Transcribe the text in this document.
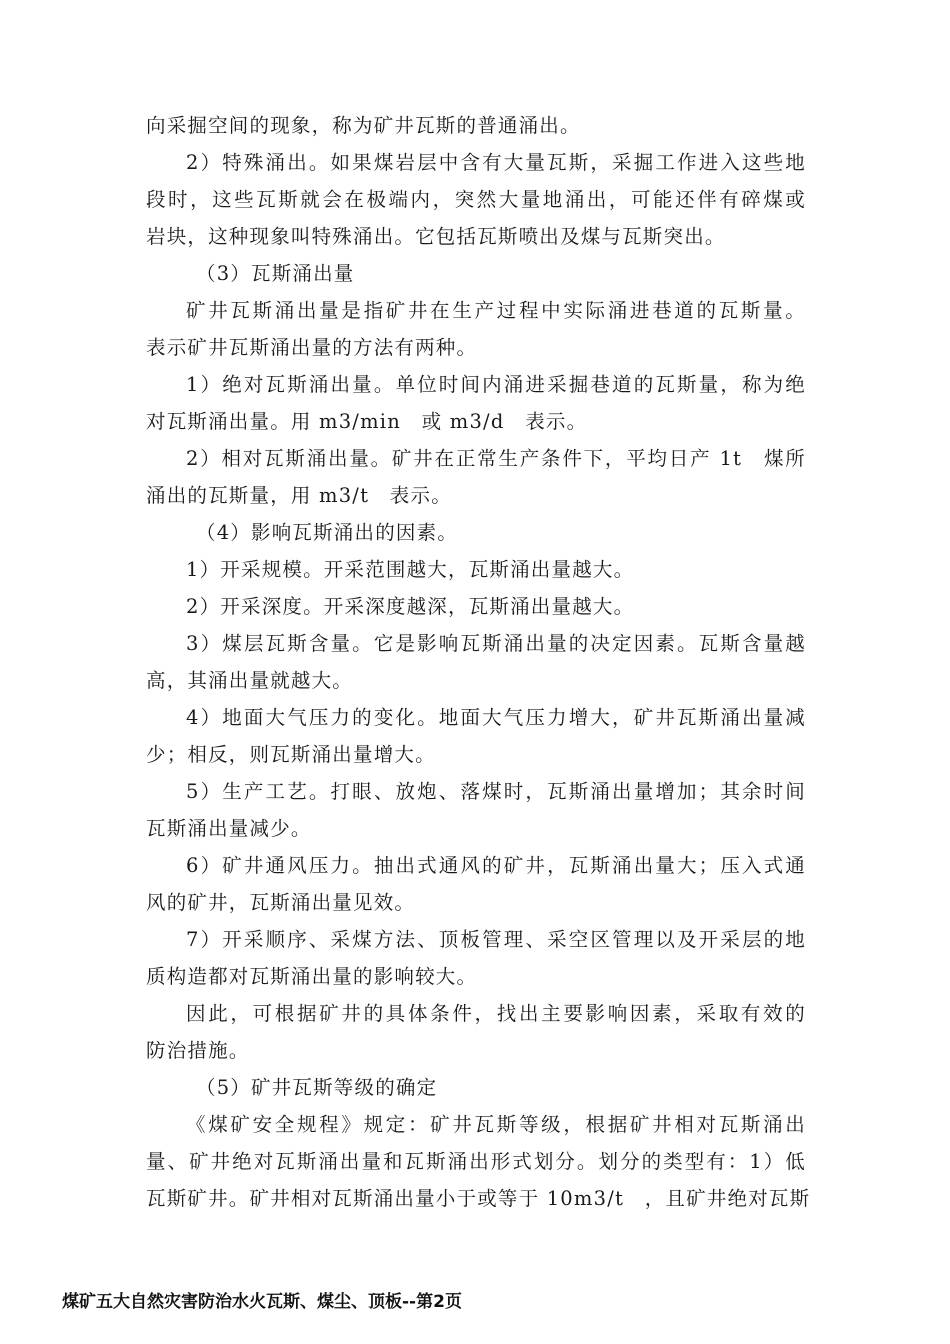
向采掘空间的现象，称为矿井瓦斯的普通涌出。
2）特殊涌出。如果煤岩层中含有大量瓦斯，采掘工作进入这些地
段时，这些瓦斯就会在极端内，突然大量地涌出，可能还伴有碎煤或
岩块，这种现象叫特殊涌出。它包括瓦斯喷出及煤与瓦斯突出。
（3）瓦斯涌出量
矿井瓦斯涌出量是指矿井在生产过程中实际涌进巷道的瓦斯量。
表示矿井瓦斯涌出量的方法有两种。
1）绝对瓦斯涌出量。单位时间内涌进采掘巷道的瓦斯量，称为绝
对瓦斯涌出量。用 m3/min　或 m3/d　表示。
2）相对瓦斯涌出量。矿井在正常生产条件下，平均日产 1t　煤所
涌出的瓦斯量，用 m3/t　表示。
（4）影响瓦斯涌出的因素。
1）开采规模。开采范围越大，瓦斯涌出量越大。
2）开采深度。开采深度越深，瓦斯涌出量越大。
3）煤层瓦斯含量。它是影响瓦斯涌出量的决定因素。瓦斯含量越
高，其涌出量就越大。
4）地面大气压力的变化。地面大气压力增大，矿井瓦斯涌出量减
少；相反，则瓦斯涌出量增大。
5）生产工艺。打眼、放炮、落煤时，瓦斯涌出量增加；其余时间
瓦斯涌出量减少。
6）矿井通风压力。抽出式通风的矿井，瓦斯涌出量大；压入式通
风的矿井，瓦斯涌出量见效。
7）开采顺序、采煤方法、顶板管理、采空区管理以及开采层的地
质构造都对瓦斯涌出量的影响较大。
因此，可根据矿井的具体条件，找出主要影响因素，采取有效的
防治措施。
（5）矿井瓦斯等级的确定
《煤矿安全规程》规定：矿井瓦斯等级，根据矿井相对瓦斯涌出
量、矿井绝对瓦斯涌出量和瓦斯涌出形式划分。划分的类型有：1）低
瓦斯矿井。矿井相对瓦斯涌出量小于或等于 10m3/t　，且矿井绝对瓦斯
煤矿五大自然灾害防治水火瓦斯、煤尘、顶板--第2页
